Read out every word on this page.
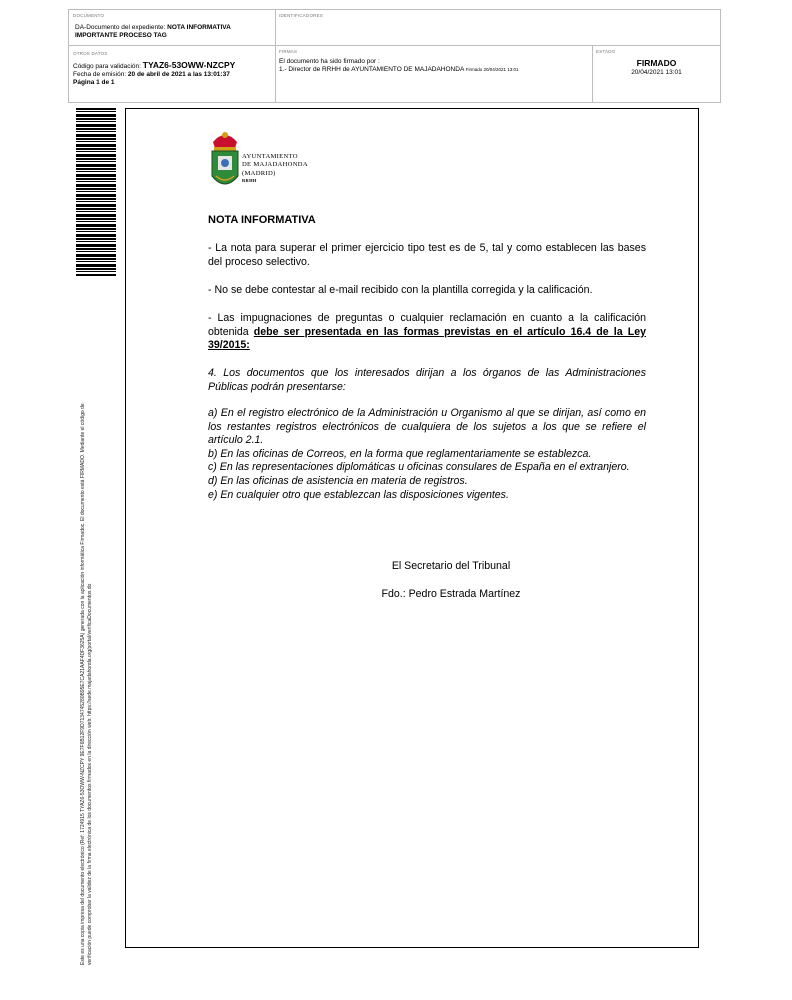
DOCUMENTO
DA-Documento del expediente: NOTA INFORMATIVA
IMPORTANTE PROCESO TAG
IDENTIFICADORES
OTROS DATOS
Código para validación: TYAZ6-53OWW-NZCPY
Fecha de emisión: 20 de abril de 2021 a las 13:01:37
Página 1 de 1
FIRMAS
El documento ha sido firmado por :
1.- Director de RRHH de AYUNTAMIENTO DE MAJADAHONDA Firmado 20/04/2021 13:01
ESTADO
FIRMADO
20/04/2021 13:01
Este es una copia impresa del documento electrónico (Ref: 1724915 TYAZ6-53OWW-NZCPY 9E7F6B12F9D7134745280B95E7CA21AAF4DF3625A) generada con la aplicación informática Firmadoc. El documento está FIRMADO. Mediante el código de verificación puede comprobar la validez de la firma electrónica de los documentos firmados en la dirección web: https://sede.majadahonda.org/portal/verificaDocumentos.do
AYUNTAMIENTO
DE MAJADAHONDA
(MADRID)
RRHH
NOTA INFORMATIVA
- La nota para superar el primer ejercicio tipo test es de 5, tal y como establecen las bases del proceso selectivo.
- No se debe contestar al e-mail recibido con la plantilla corregida y la calificación.
- Las impugnaciones de preguntas o cualquier reclamación en cuanto a la calificación obtenida debe ser presentada en las formas previstas en el artículo 16.4 de la Ley 39/2015:
4. Los documentos que los interesados dirijan a los órganos de las Administraciones Públicas podrán presentarse:
a) En el registro electrónico de la Administración u Organismo al que se dirijan, así como en los restantes registros electrónicos de cualquiera de los sujetos a los que se refiere el artículo 2.1.
b) En las oficinas de Correos, en la forma que reglamentariamente se establezca.
c) En las representaciones diplomáticas u oficinas consulares de España en el extranjero.
d) En las oficinas de asistencia en materia de registros.
e) En cualquier otro que establezcan las disposiciones vigentes.
El Secretario del Tribunal
Fdo.: Pedro Estrada Martínez
